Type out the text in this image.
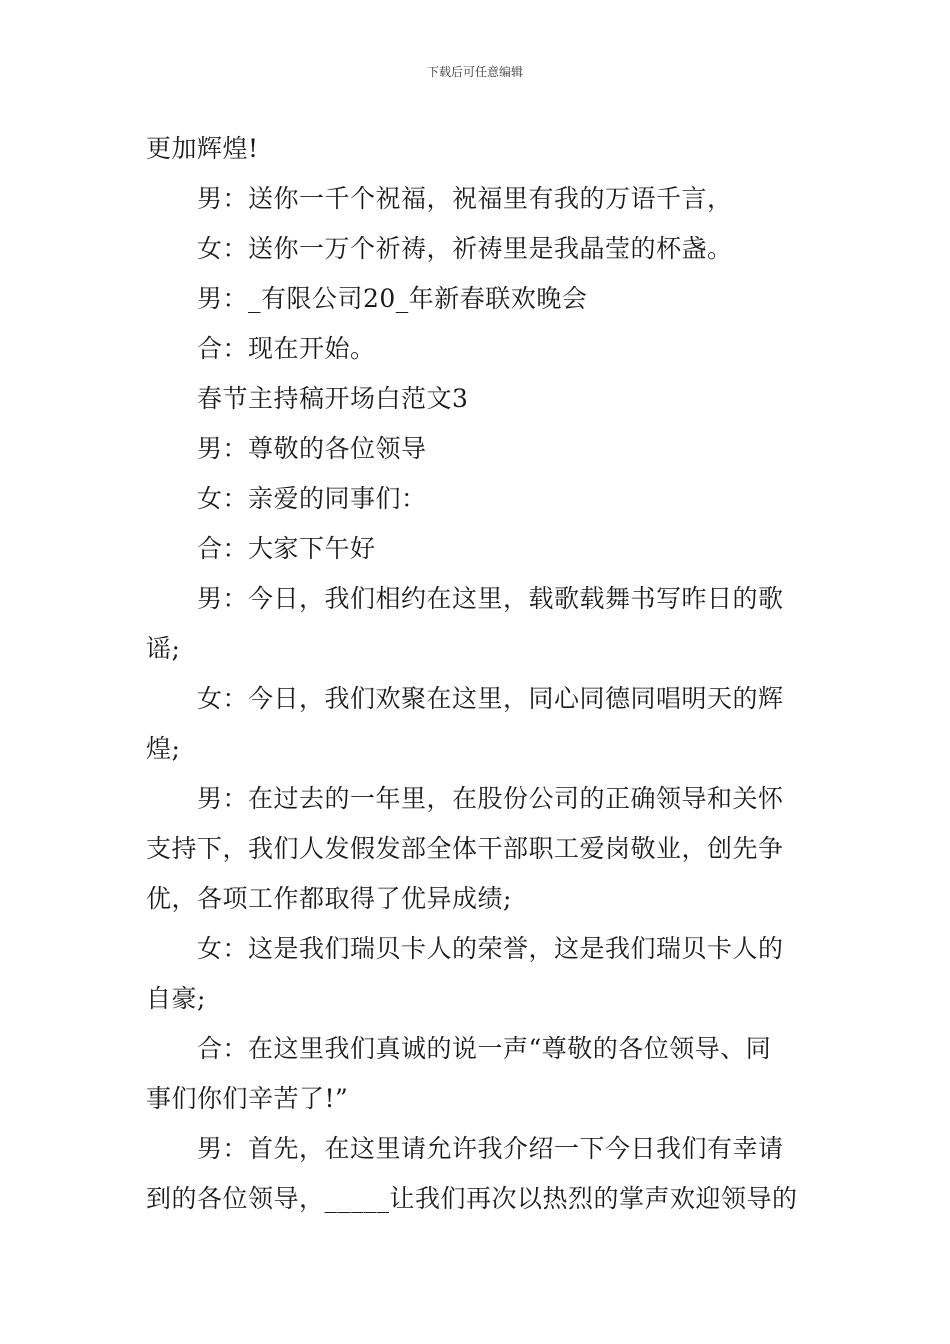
下载后可任意编辑

更加辉煌!

男：送你一千个祝福，祝福里有我的万语千言，

女：送你一万个祈祷，祈祷里是我晶莹的杯盏。

男：_有限公司20_年新春联欢晚会

合：现在开始。

春节主持稿开场白范文3

男：尊敬的各位领导

女：亲爱的同事们：

合：大家下午好

男：今日，我们相约在这里，载歌载舞书写昨日的歌

谣;

女：今日，我们欢聚在这里，同心同德同唱明天的辉

煌;

男：在过去的一年里，在股份公司的正确领导和关怀

支持下，我们人发假发部全体干部职工爱岗敬业，创先争

优，各项工作都取得了优异成绩;

女：这是我们瑞贝卡人的荣誉，这是我们瑞贝卡人的

自豪;

合：在这里我们真诚的说一声“尊敬的各位领导、同

事们你们辛苦了!”

男：首先，在这里请允许我介绍一下今日我们有幸请

到的各位领导，_____让我们再次以热烈的掌声欢迎领导的
